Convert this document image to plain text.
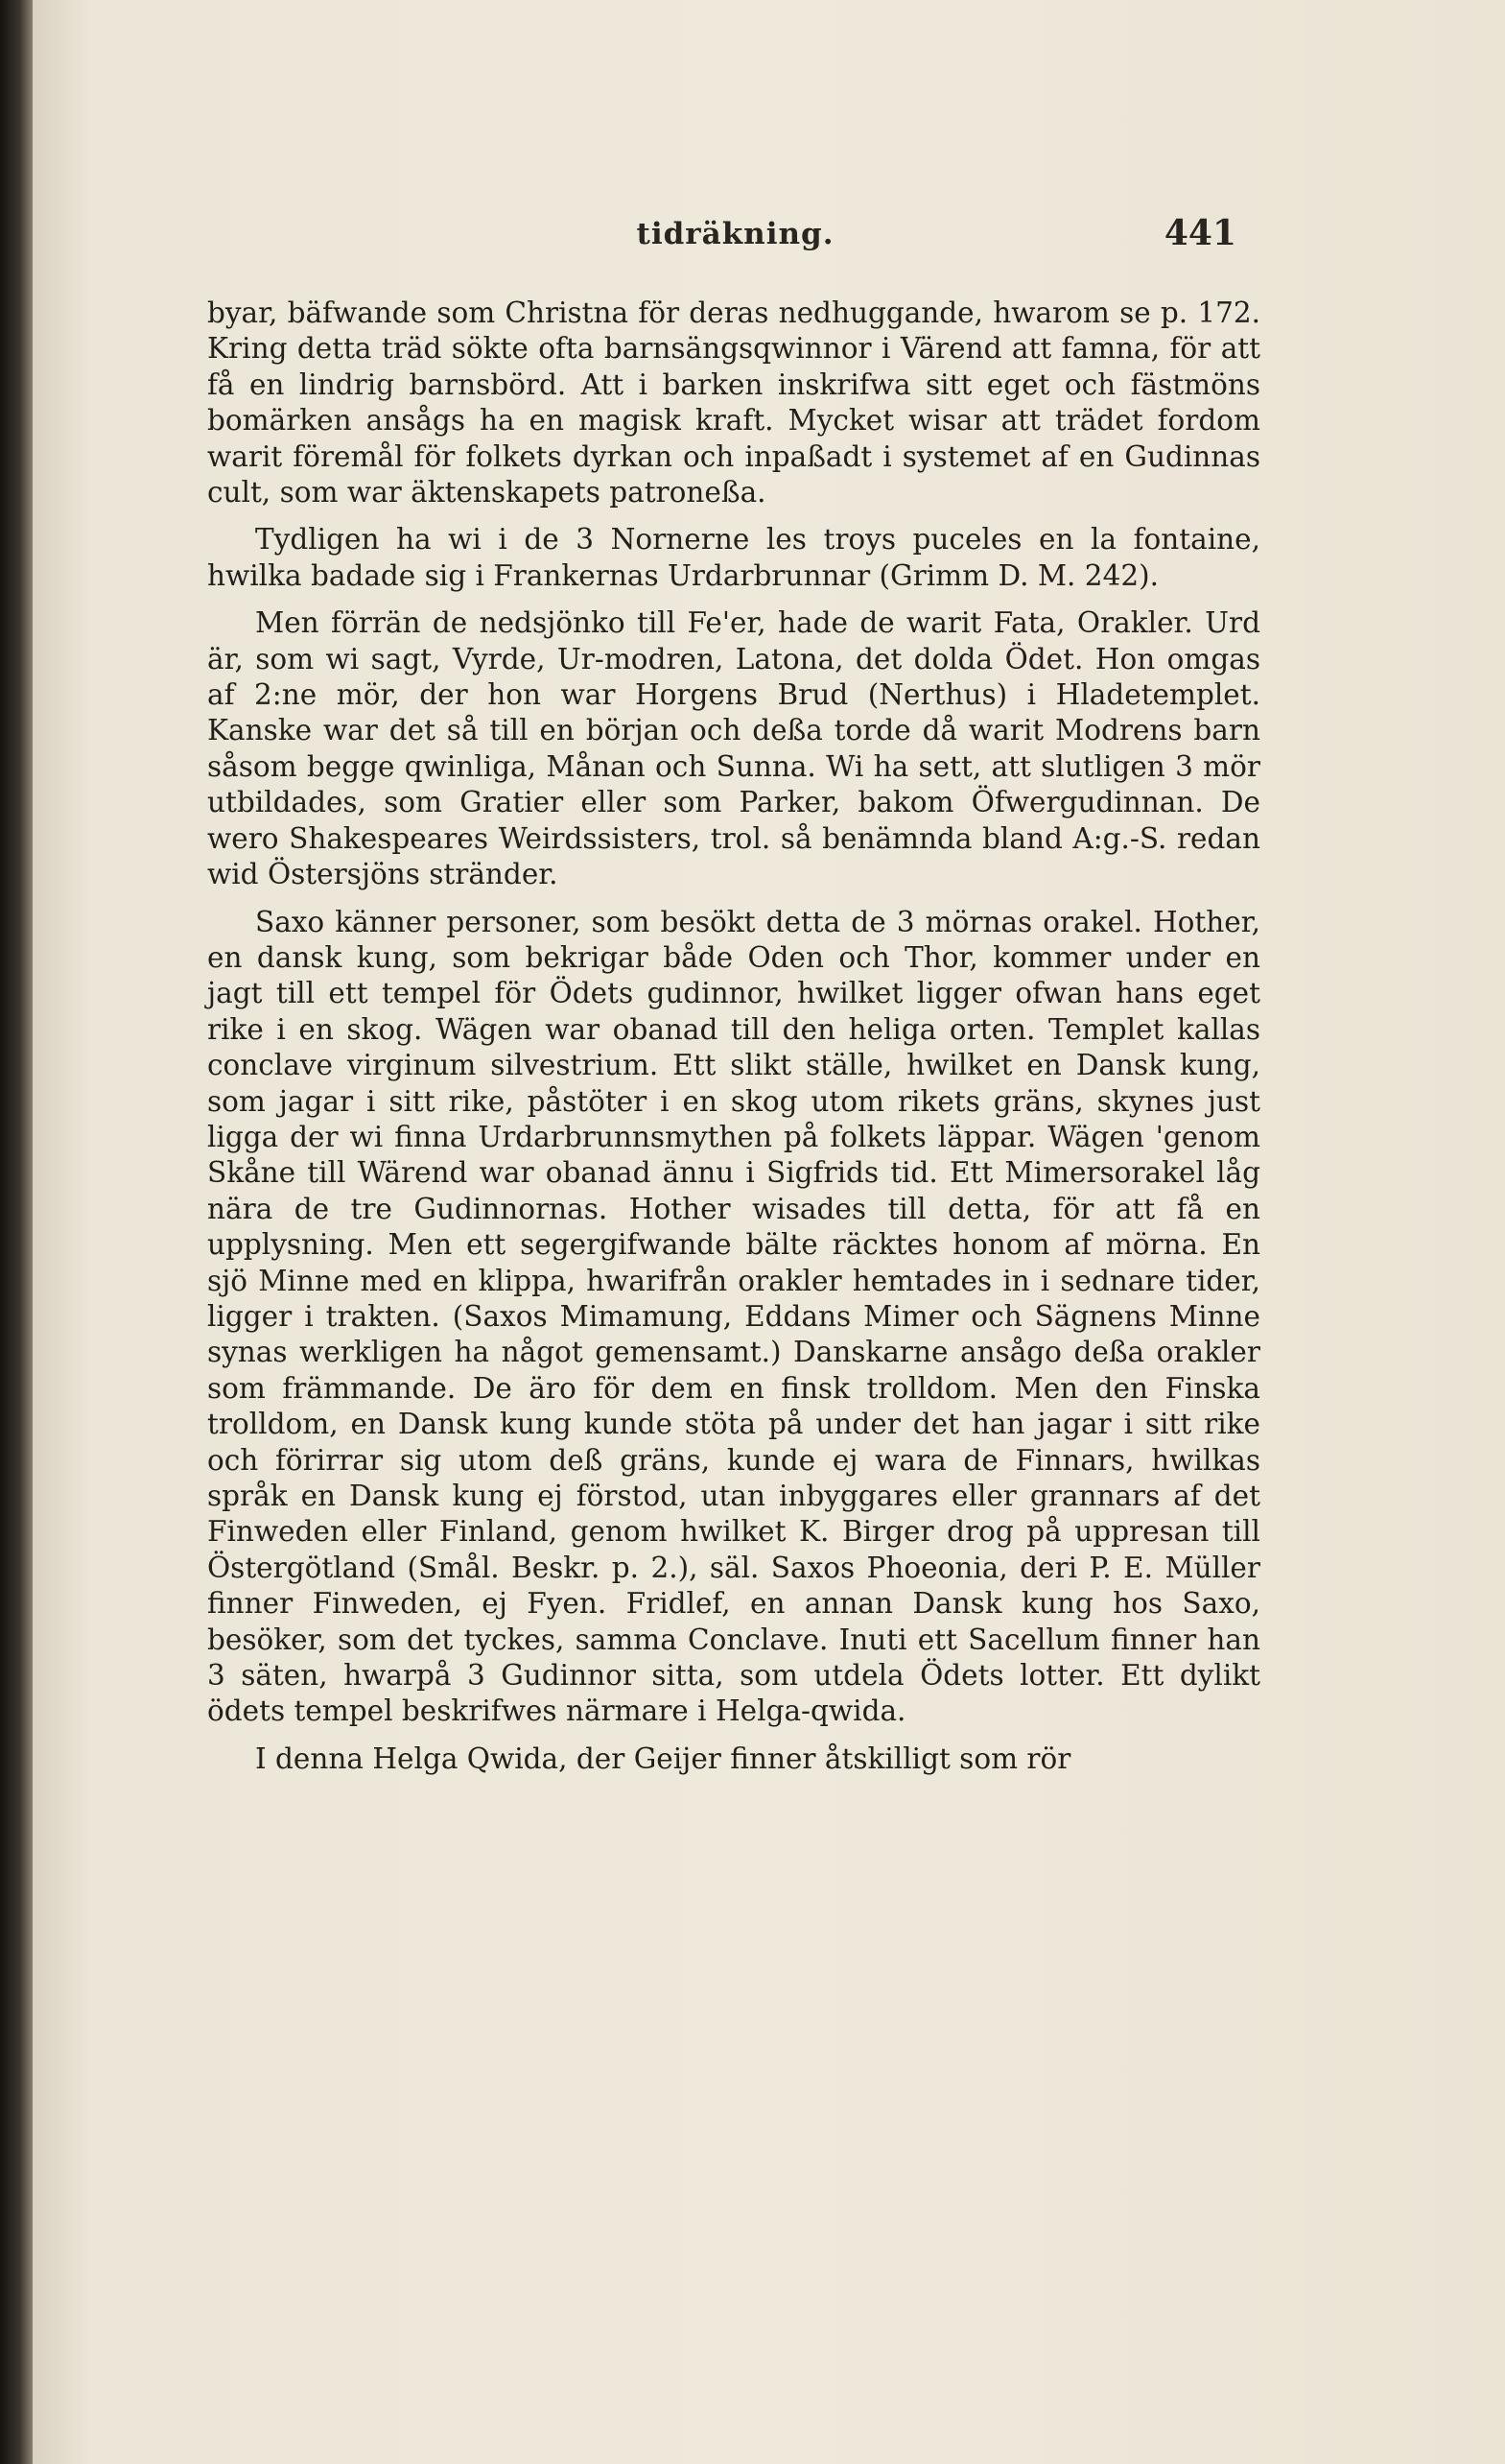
tidräkning.	441

byar, bäfwande som Christna för deras nedhuggande, hwarom se p. 172. Kring detta träd sökte ofta barnsängsqwinnor i Värend att famna, för att få en lindrig barnsbörd. Att i barken inskrifwa sitt eget och fästmöns bomärken ansågs ha en magisk kraft. Mycket wisar att trädet fordom warit föremål för folkets dyrkan och inpaßadt i systemet af en Gudinnas cult, som war äktenskapets patroneßa.

Tydligen ha wi i de 3 Nornerne les troys puceles en la fontaine, hwilka badade sig i Frankernas Urdarbrunnar (Grimm D. M. 242).

Men förrän de nedsjönko till Fe'er, hade de warit Fata, Orakler. Urd är, som wi sagt, Vyrde, Ur-modren, Latona, det dolda Ödet. Hon omgas af 2:ne mör, der hon war Horgens Brud (Nerthus) i Hladetemplet. Kanske war det så till en början och deßa torde då warit Modrens barn såsom begge qwinliga, Månan och Sunna. Wi ha sett, att slutligen 3 mör utbildades, som Gratier eller som Parker, bakom Öfwergudinnan. De wero Shakespeares Weirdssisters, trol. så benämnda bland A:g.-S. redan wid Östersjöns stränder.

Saxo känner personer, som besökt detta de 3 mörnas orakel. Hother, en dansk kung, som bekrigar både Oden och Thor, kommer under en jagt till ett tempel för Ödets gudinnor, hwilket ligger ofwan hans eget rike i en skog. Wägen war obanad till den heliga orten. Templet kallas conclave virginum silvestrium. Ett slikt ställe, hwilket en Dansk kung, som jagar i sitt rike, påstöter i en skog utom rikets gräns, skynes just ligga der wi finna Urdarbrunnsmythen på folkets läppar. Wägen 'genom Skåne till Wärend war obanad ännu i Sigfrids tid. Ett Mimersorakel låg nära de tre Gudinnornas. Hother wisades till detta, för att få en upplysning. Men ett segergifwande bälte räcktes honom af mörna. En sjö Minne med en klippa, hwarifrån orakler hemtades in i sednare tider, ligger i trakten. (Saxos Mimamung, Eddans Mimer och Sägnens Minne synas werkligen ha något gemensamt.) Danskarne ansågo deßa orakler som främmande. De äro för dem en finsk trolldom. Men den Finska trolldom, en Dansk kung kunde stöta på under det han jagar i sitt rike och förirrar sig utom deß gräns, kunde ej wara de Finnars, hwilkas språk en Dansk kung ej förstod, utan inbyggares eller grannars af det Finweden eller Finland, genom hwilket K. Birger drog på uppresan till Östergötland (Smål. Beskr. p. 2.), säl. Saxos Phoeonia, deri P. E. Müller finner Finweden, ej Fyen. Fridlef, en annan Dansk kung hos Saxo, besöker, som det tyckes, samma Conclave. Inuti ett Sacellum finner han 3 säten, hwarpå 3 Gudinnor sitta, som utdela Ödets lotter. Ett dylikt ödets tempel beskrifwes närmare i Helga-qwida.

I denna Helga Qwida, der Geijer finner åtskilligt som rör
